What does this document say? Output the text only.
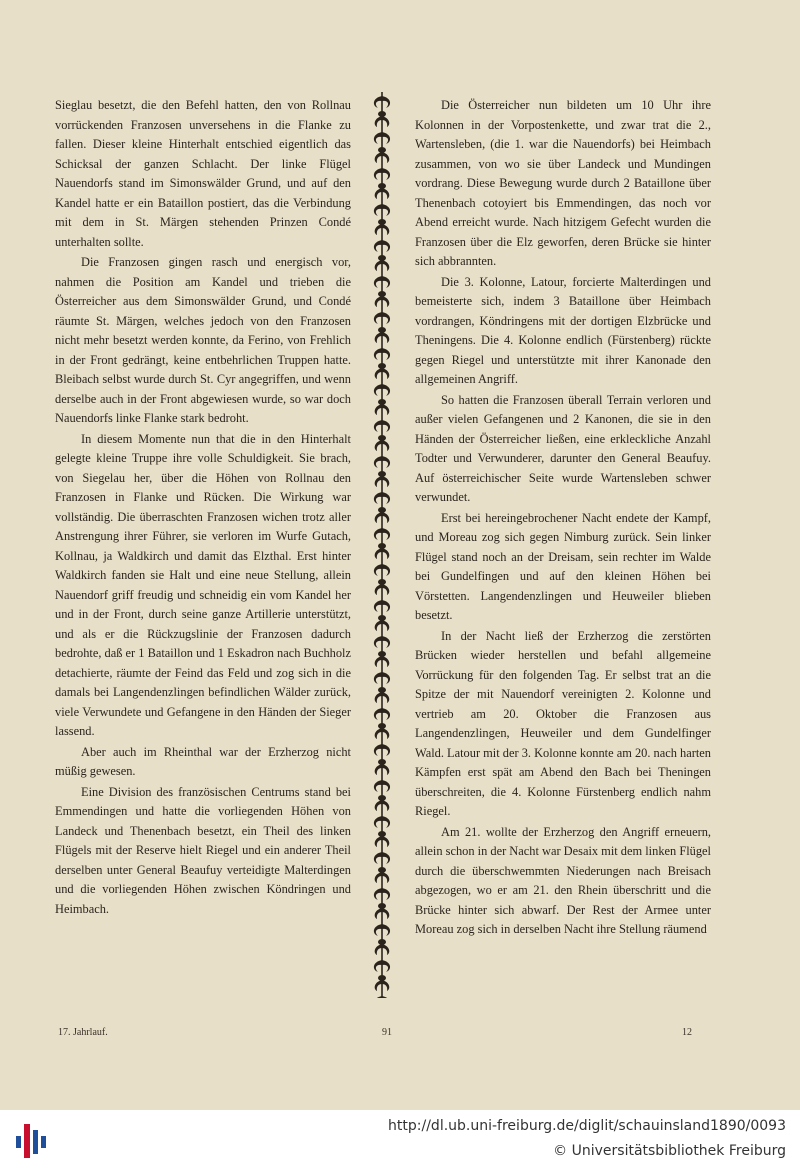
Sieglau besetzt, die den Befehl hatten, den von Rollnau vorrückenden Franzosen unversehens in die Flanke zu fallen. Dieser kleine Hinterhalt entschied eigentlich das Schicksal der ganzen Schlacht. Der linke Flügel Nauendorfs stand im Simonswälder Grund, und auf den Kandel hatte er ein Bataillon postiert, das die Verbindung mit dem in St. Märgen stehenden Prinzen Condé unterhalten sollte.

Die Franzosen gingen rasch und energisch vor, nahmen die Position am Kandel und trieben die Österreicher aus dem Simonswälder Grund, und Condé räumte St. Märgen, welches jedoch von den Franzosen nicht mehr besetzt werden konnte, da Ferino, von Frehlich in der Front gedrängt, keine entbehrlichen Truppen hatte. Bleibach selbst wurde durch St. Cyr angegriffen, und wenn derselbe auch in der Front abgewiesen wurde, so war doch Nauendorfs linke Flanke stark bedroht.

In diesem Momente nun that die in den Hinterhalt gelegte kleine Truppe ihre volle Schuldigkeit. Sie brach, von Siegelau her, über die Höhen von Rollnau den Franzosen in Flanke und Rücken. Die Wirkung war vollständig. Die überraschten Franzosen wichen trotz aller Anstrengung ihrer Führer, sie verloren im Wurfe Gutach, Kollnau, ja Waldkirch und damit das Elzthal. Erst hinter Waldkirch fanden sie Halt und eine neue Stellung, allein Nauendorf griff freudig und schneidig ein vom Kandel her und in der Front, durch seine ganze Artillerie unterstützt, und als er die Rückzugslinie der Franzosen dadurch bedrohte, daß er 1 Bataillon und 1 Eskadron nach Buchholz detachierte, räumte der Feind das Feld und zog sich in die damals bei Langendenzlingen befindlichen Wälder zurück, viele Verwundete und Gefangene in den Händen der Sieger lassend.

Aber auch im Rheinthal war der Erzherzog nicht müßig gewesen.

Eine Division des französischen Centrums stand bei Emmendingen und hatte die vorliegenden Höhen von Landeck und Thenenbach besetzt, ein Theil des linken Flügels mit der Reserve hielt Riegel und ein anderer Theil derselben unter General Beaufuy verteidigte Malterdingen und die vorliegenden Höhen zwischen Köndringen und Heimbach.

Die Österreicher nun bildeten um 10 Uhr ihre Kolonnen in der Vorpostenkette, und zwar trat die 2., Wartensleben, (die 1. war die Nauendorfs) bei Heimbach zusammen, von wo sie über Landeck und Mundingen vordrang. Diese Bewegung wurde durch 2 Bataillone über Thenenbach cotoyiert bis Emmendingen, das noch vor Abend erreicht wurde. Nach hitzigem Gefecht wurden die Franzosen über die Elz geworfen, deren Brücke sie hinter sich abbrannten.

Die 3. Kolonne, Latour, forcierte Malterdingen und bemeisterte sich, indem 3 Bataillone über Heimbach vordrangen, Köndringens mit der dortigen Elzbrücke und Theningens. Die 4. Kolonne endlich (Fürstenberg) rückte gegen Riegel und unterstützte mit ihrer Kanonade den allgemeinen Angriff.

So hatten die Franzosen überall Terrain verloren und außer vielen Gefangenen und 2 Kanonen, die sie in den Händen der Österreicher ließen, eine erkleckliche Anzahl Todter und Verwunderer, darunter den General Beaufuy. Auf österreichischer Seite wurde Wartensleben schwer verwundet.

Erst bei hereingebrochener Nacht endete der Kampf, und Moreau zog sich gegen Nimburg zurück. Sein linker Flügel stand noch an der Dreisam, sein rechter im Walde bei Gundelfingen und auf den kleinen Höhen bei Vörstetten. Langendenzlingen und Heuweiler blieben besetzt.

In der Nacht ließ der Erzherzog die zerstörten Brücken wieder herstellen und befahl allgemeine Vorrückung für den folgenden Tag. Er selbst trat an die Spitze der mit Nauendorf vereinigten 2. Kolonne und vertrieb am 20. Oktober die Franzosen aus Langendenzlingen, Heuweiler und dem Gundelfinger Wald. Latour mit der 3. Kolonne konnte am 20. nach harten Kämpfen erst spät am Abend den Bach bei Theningen überschreiten, die 4. Kolonne Fürstenberg endlich nahm Riegel.

Am 21. wollte der Erzherzog den Angriff erneuern, allein schon in der Nacht war Desaix mit dem linken Flügel durch die überschwemmten Niederungen nach Breisach abgezogen, wo er am 21. den Rhein überschritt und die Brücke hinter sich abwarf. Der Rest der Armee unter Moreau zog sich in derselben Nacht ihre Stellung räumend

17. Jahrlauf.	91	12
http://dl.ub.uni-freiburg.de/diglit/schauinsland1890/0093
© Universitätsbibliothek Freiburg
